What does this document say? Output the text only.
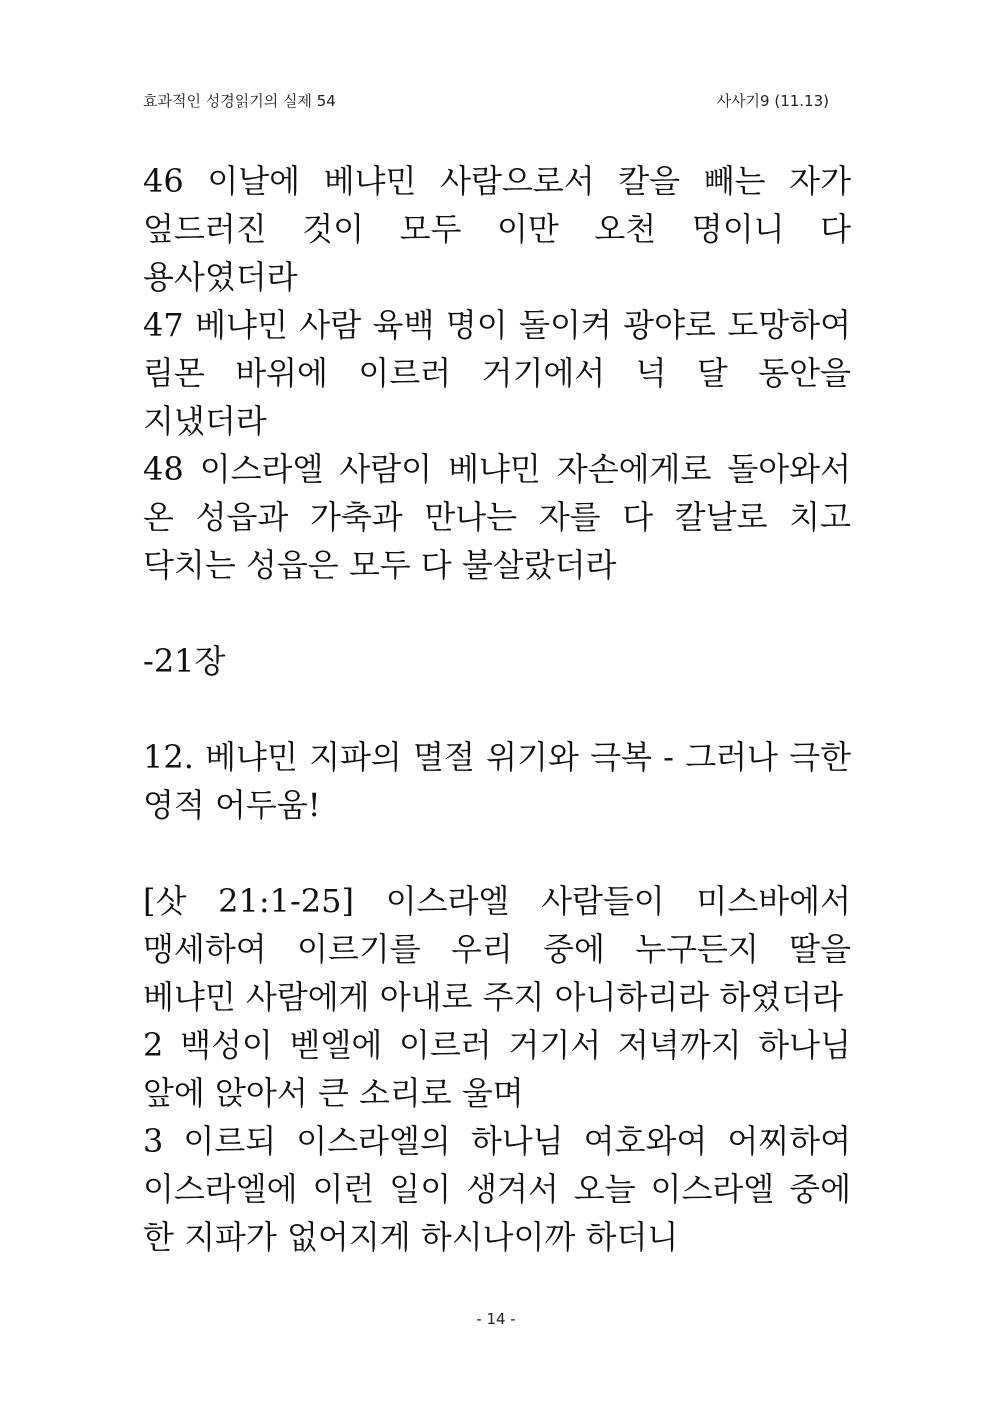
효과적인 성경읽기의 실제 54	사사기9 (11.13)

46 이날에 베냐민 사람으로서 칼을 빼는 자가 엎드러진 것이 모두 이만 오천 명이니 다 용사였더라

47 베냐민 사람 육백 명이 돌이켜 광야로 도망하여 림몬 바위에 이르러 거기에서 넉 달 동안을 지냈더라

48 이스라엘 사람이 베냐민 자손에게로 돌아와서 온 성읍과 가축과 만나는 자를 다 칼날로 치고 닥치는 성읍은 모두 다 불살랐더라

-21장

12. 베냐민 지파의 멸절 위기와 극복 - 그러나 극한 영적 어두움!

[삿 21:1-25] 이스라엘 사람들이 미스바에서 맹세하여 이르기를 우리 중에 누구든지 딸을 베냐민 사람에게 아내로 주지 아니하리라 하였더라

2 백성이 벧엘에 이르러 거기서 저녁까지 하나님 앞에 앉아서 큰 소리로 울며

3 이르되 이스라엘의 하나님 여호와여 어찌하여 이스라엘에 이런 일이 생겨서 오늘 이스라엘 중에 한 지파가 없어지게 하시나이까 하더니

- 14 -
